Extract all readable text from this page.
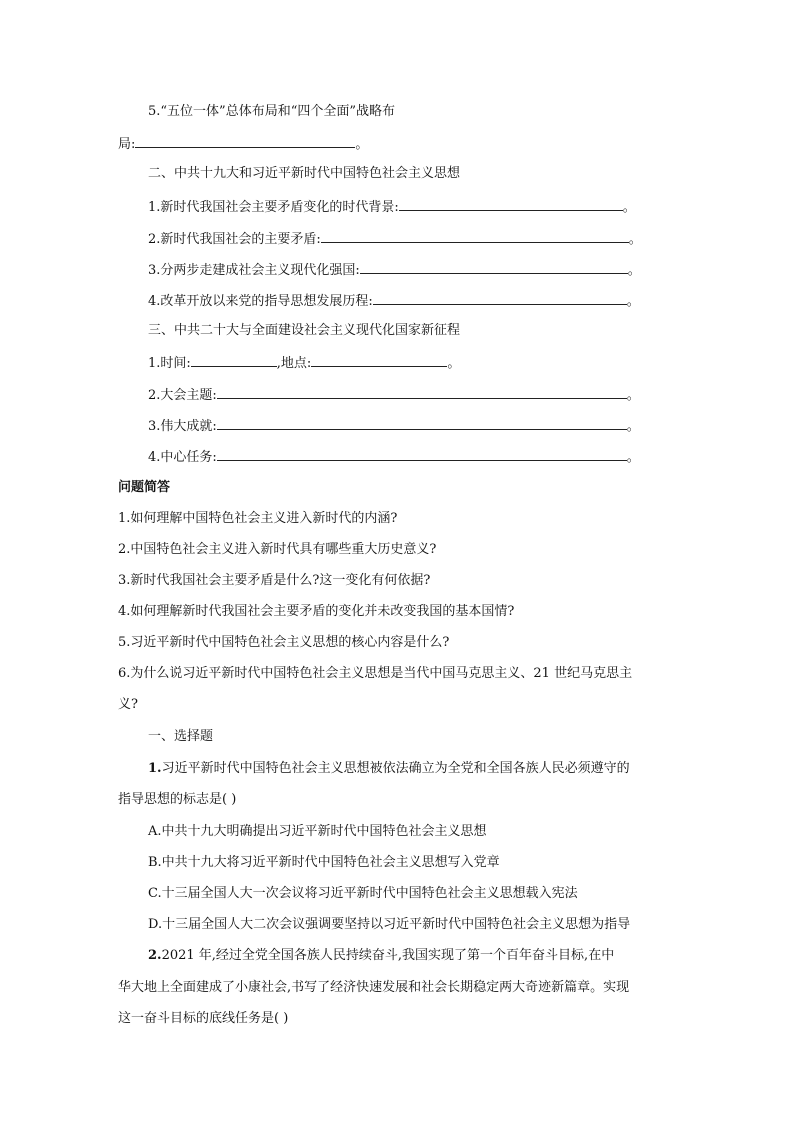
5.“五位一体”总体布局和“四个全面”战略布
局:	。
二、中共十九大和习近平新时代中国特色社会主义思想
1.新时代我国社会主要矛盾变化的时代背景:	。
2.新时代我国社会的主要矛盾:	。
3.分两步走建成社会主义现代化强国:	。
4.改革开放以来党的指导思想发展历程:	。
三、中共二十大与全面建设社会主义现代化国家新征程
1.时间:	,地点:	。
2.大会主题:	。
3.伟大成就:	。
4.中心任务:	。
问题简答
1.如何理解中国特色社会主义进入新时代的内涵?
2.中国特色社会主义进入新时代具有哪些重大历史意义?
3.新时代我国社会主要矛盾是什么?这一变化有何依据?
4.如何理解新时代我国社会主要矛盾的变化并未改变我国的基本国情?
5.习近平新时代中国特色社会主义思想的核心内容是什么?
6.为什么说习近平新时代中国特色社会主义思想是当代中国马克思主义、21 世纪马克思主
义?
一、选择题
1.习近平新时代中国特色社会主义思想被依法确立为全党和全国各族人民必须遵守的
指导思想的标志是( )
A.中共十九大明确提出习近平新时代中国特色社会主义思想
B.中共十九大将习近平新时代中国特色社会主义思想写入党章
C.十三届全国人大一次会议将习近平新时代中国特色社会主义思想载入宪法
D.十三届全国人大二次会议强调要坚持以习近平新时代中国特色社会主义思想为指导
2.2021 年,经过全党全国各族人民持续奋斗,我国实现了第一个百年奋斗目标,在中
华大地上全面建成了小康社会,书写了经济快速发展和社会长期稳定两大奇迹新篇章。实现
这一奋斗目标的底线任务是( )
